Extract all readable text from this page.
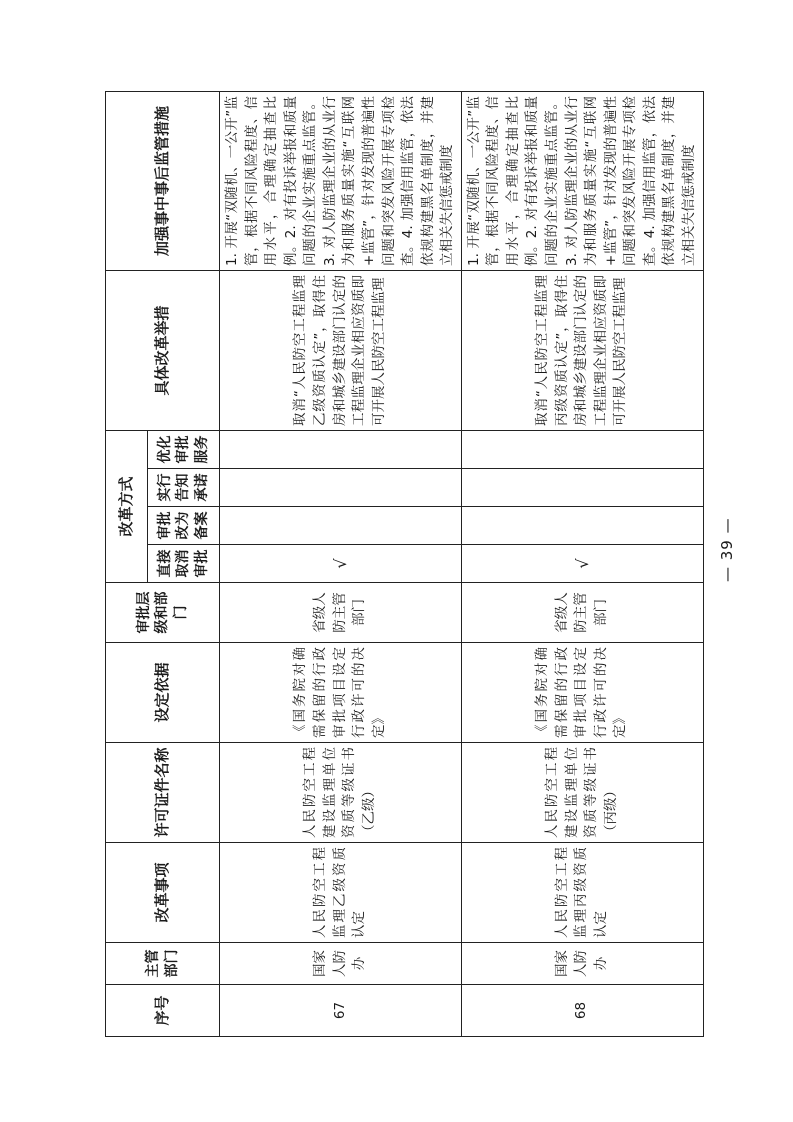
序号	主管部门	改革事项	许可证件名称	设定依据	审批层级和部门	改革方式				具体改革举措	加强事中事后监管措施
						直接取消审批	审批改为备案	实行告知承诺	优化审批服务		
67	国家人防办	人民防空工程监理乙级资质认定	人民防空工程建设监理单位资质等级证书（乙级）	《国务院对确需保留的行政审批项目设定行政许可的决定》	省级人防主管部门	√				取消“人民防空工程监理乙级资质认定”，取得住房和城乡建设部门认定的工程监理企业相应资质即可开展人民防空工程监理	1. 开展“双随机、一公开”监管，根据不同风险程度、信用水平，合理确定抽查比例。2. 对有投诉举报和质量问题的企业实施重点监管。3. 对人防监理企业的从业行为和服务质量实施“互联网+监管”，针对发现的普遍性问题和突发风险开展专项检查。4. 加强信用监管，依法依规构建黑名单制度，并建立相关失信惩戒制度
68	国家人防办	人民防空工程监理丙级资质认定	人民防空工程建设监理单位资质等级证书（丙级）	《国务院对确需保留的行政审批项目设定行政许可的决定》	省级人防主管部门	√				取消“人民防空工程监理丙级资质认定”，取得住房和城乡建设部门认定的工程监理企业相应资质即可开展人民防空工程监理	1. 开展“双随机、一公开”监管，根据不同风险程度、信用水平，合理确定抽查比例。2. 对有投诉举报和质量问题的企业实施重点监管。3. 对人防监理企业的从业行为和服务质量实施“互联网+监管”，针对发现的普遍性问题和突发风险开展专项检查。4. 加强信用监管，依法依规构建黑名单制度，并建立相关失信惩戒制度
— 39 —
